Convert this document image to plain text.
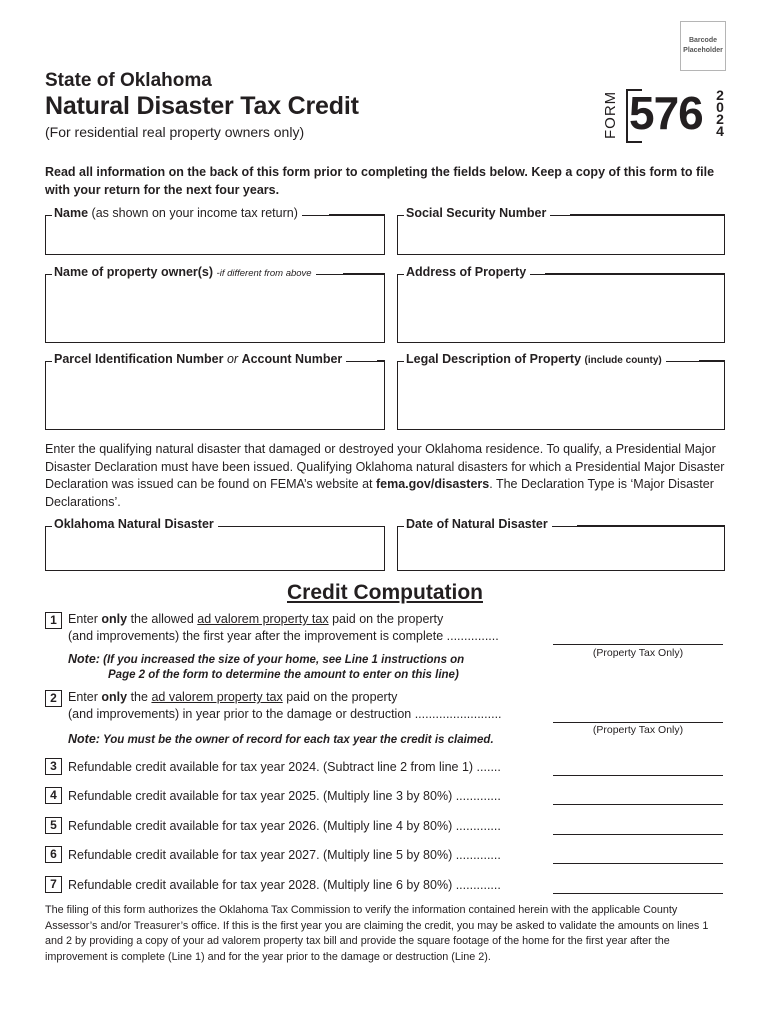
Barcode
Placeholder
State of Oklahoma
Natural Disaster Tax Credit
(For residential real property owners only)	FORM 576 2
0
2
4
Read all information on the back of this form prior to completing the fields below. Keep a copy of this form to file with your return for the next four years.
Name (as shown on your income tax return)	Social Security Number
Name of property owner(s) -if different from above	Address of Property
Parcel Identification Number or Account Number	Legal Description of Property (include county)
Enter the qualifying natural disaster that damaged or destroyed your Oklahoma residence. To qualify, a Presidential Major Disaster Declaration must have been issued. Qualifying Oklahoma natural disasters for which a Presidential Major Disaster Declaration was issued can be found on FEMA’s website at fema.gov/disasters. The Declaration Type is ‘Major Disaster Declarations’.
Oklahoma Natural Disaster	Date of Natural Disaster
Credit Computation
1 Enter only the allowed ad valorem property tax paid on the property
(and improvements) the first year after the improvement is complete ...............
(Property Tax Only)
Note: (If you increased the size of your home, see Line 1 instructions on
Page 2 of the form to determine the amount to enter on this line)
2 Enter only the ad valorem property tax paid on the property
(and improvements) in year prior to the damage or destruction .........................
(Property Tax Only)
Note: You must be the owner of record for each tax year the credit is claimed.
3 Refundable credit available for tax year 2024. (Subtract line 2 from line 1) .......
4 Refundable credit available for tax year 2025. (Multiply line 3 by 80%) .............
5 Refundable credit available for tax year 2026. (Multiply line 4 by 80%) .............
6 Refundable credit available for tax year 2027. (Multiply line 5 by 80%) .............
7 Refundable credit available for tax year 2028. (Multiply line 6 by 80%) .............
The filing of this form authorizes the Oklahoma Tax Commission to verify the information contained herein with the applicable County Assessor’s and/or Treasurer’s office. If this is the first year you are claiming the credit, you may be asked to validate the amounts on lines 1 and 2 by providing a copy of your ad valorem property tax bill and provide the square footage of the home for the first year after the improvement is complete (Line 1) and for the year prior to the damage or destruction (Line 2).
